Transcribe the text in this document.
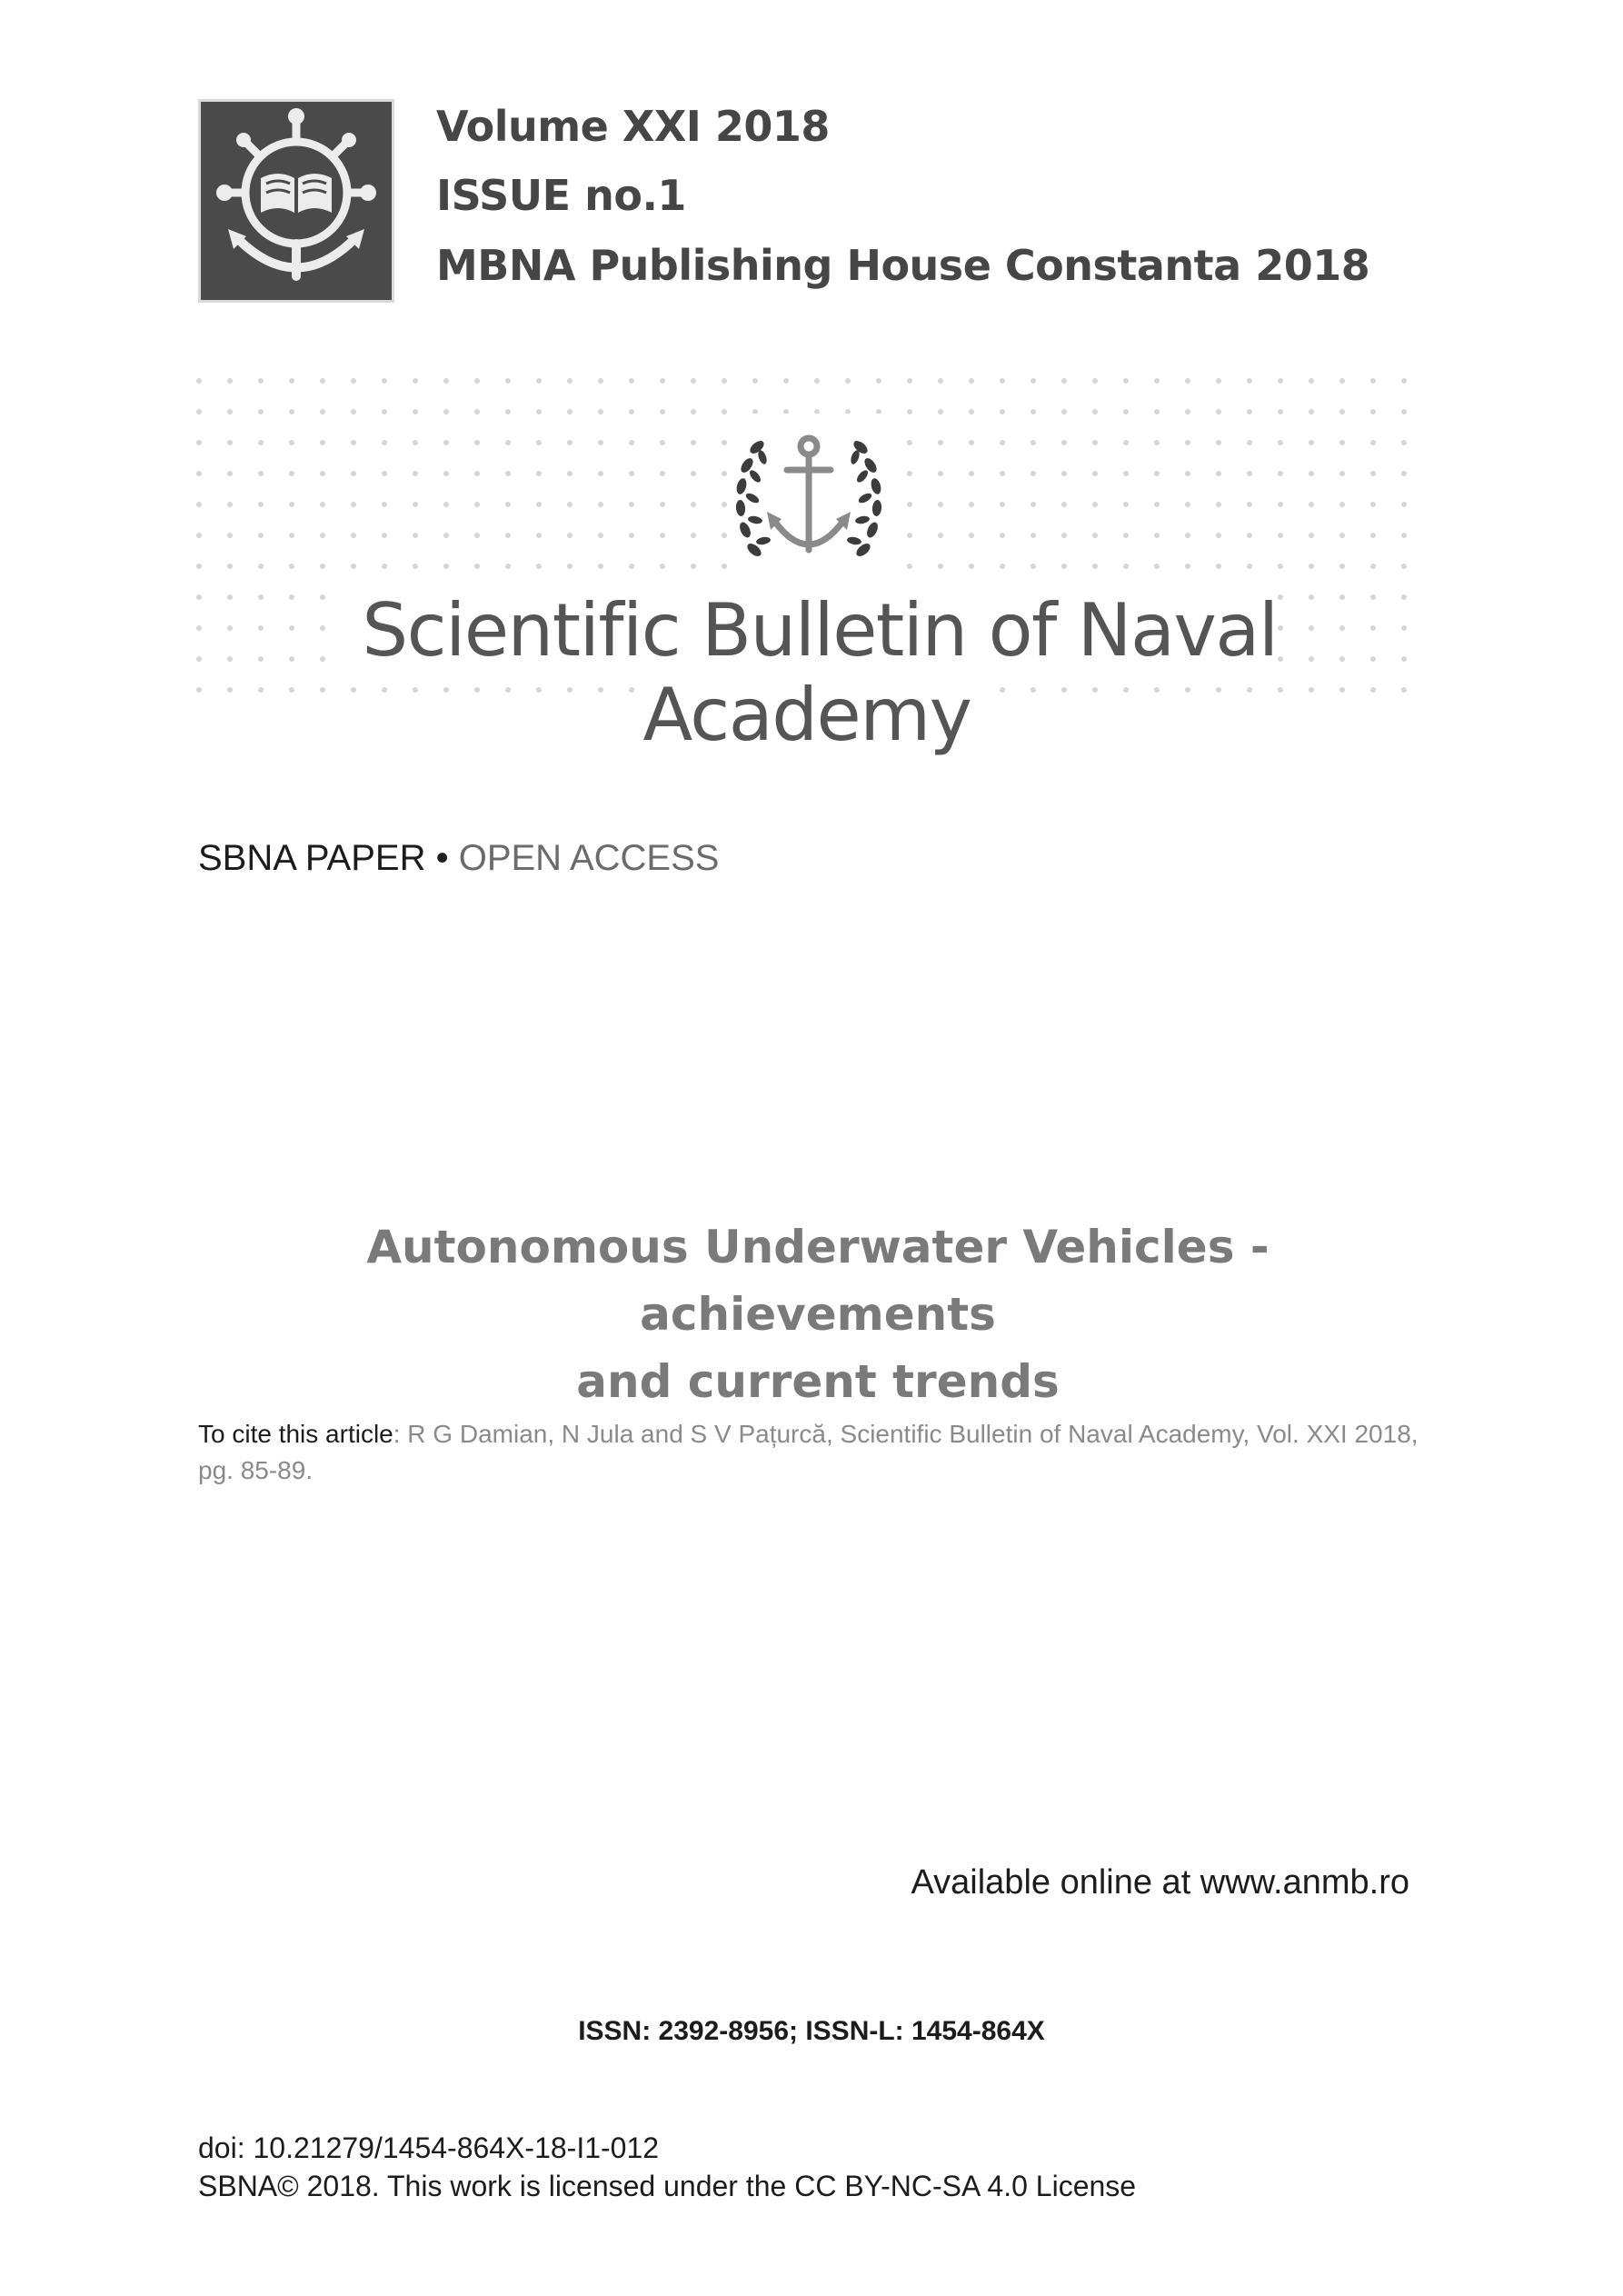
Volume XXI 2018
ISSUE no.1
MBNA Publishing House Constanta 2018
Scientific Bulletin of Naval Academy
SBNA PAPER • OPEN ACCESS
Autonomous Underwater Vehicles - achievements
and current trends
To cite this article: R G Damian, N Jula and S V Pațurcă, Scientific Bulletin of Naval Academy, Vol. XXI 2018, pg. 85-89.
Available online at www.anmb.ro
ISSN: 2392-8956; ISSN-L: 1454-864X
doi: 10.21279/1454-864X-18-I1-012
SBNA© 2018. This work is licensed under the CC BY-NC-SA 4.0 License
